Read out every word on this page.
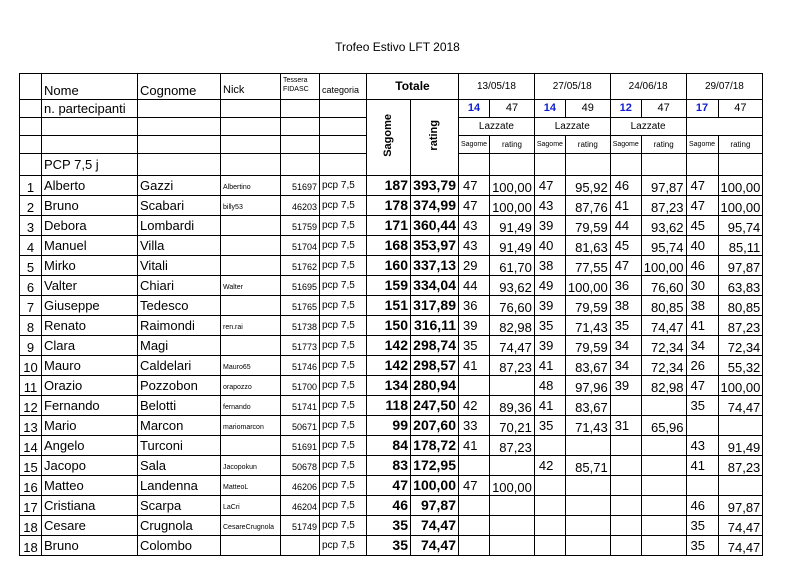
Trofeo Estivo LFT 2018
	Nome	Cognome	Nick	Tessera
FIDASC	categoria	Totale		13/05/18		27/05/18		24/06/18		29/07/18	
	n. partecipanti					Sagome	rating	14	47	14	49	12	47	17	47
								Lazzate		Lazzate		Lazzate			
								Sagome	rating	Sagome	rating	Sagome	rating	Sagome	rating
	PCP 7,5 j														
1	Alberto	Gazzi	Albertino	51697	pcp 7,5	187	393,79	47	100,00	47	95,92	46	97,87	47	100,00
2	Bruno	Scabari	billy53	46203	pcp 7,5	178	374,99	47	100,00	43	87,76	41	87,23	47	100,00
3	Debora	Lombardi		51759	pcp 7,5	171	360,44	43	91,49	39	79,59	44	93,62	45	95,74
4	Manuel	Villa		51704	pcp 7,5	168	353,97	43	91,49	40	81,63	45	95,74	40	85,11
5	Mirko	Vitali		51762	pcp 7,5	160	337,13	29	61,70	38	77,55	47	100,00	46	97,87
6	Valter	Chiari	Walter	51695	pcp 7,5	159	334,04	44	93,62	49	100,00	36	76,60	30	63,83
7	Giuseppe	Tedesco		51765	pcp 7,5	151	317,89	36	76,60	39	79,59	38	80,85	38	80,85
8	Renato	Raimondi	ren.rai	51738	pcp 7,5	150	316,11	39	82,98	35	71,43	35	74,47	41	87,23
9	Clara	Magi		51773	pcp 7,5	142	298,74	35	74,47	39	79,59	34	72,34	34	72,34
10	Mauro	Caldelari	Mauro65	51746	pcp 7,5	142	298,57	41	87,23	41	83,67	34	72,34	26	55,32
11	Orazio	Pozzobon	orapozzo	51700	pcp 7,5	134	280,94			48	97,96	39	82,98	47	100,00
12	Fernando	Belotti	fernando	51741	pcp 7,5	118	247,50	42	89,36	41	83,67			35	74,47
13	Mario	Marcon	mariomarcon	50671	pcp 7,5	99	207,60	33	70,21	35	71,43	31	65,96		
14	Angelo	Turconi		51691	pcp 7,5	84	178,72	41	87,23					43	91,49
15	Jacopo	Sala	Jacopokun	50678	pcp 7,5	83	172,95			42	85,71			41	87,23
16	Matteo	Landenna	MatteoL	46206	pcp 7,5	47	100,00	47	100,00						
17	Cristiana	Scarpa	LaCri	46204	pcp 7,5	46	97,87							46	97,87
18	Cesare	Crugnola	CesareCrugnola	51749	pcp 7,5	35	74,47							35	74,47
18	Bruno	Colombo			pcp 7,5	35	74,47							35	74,47
